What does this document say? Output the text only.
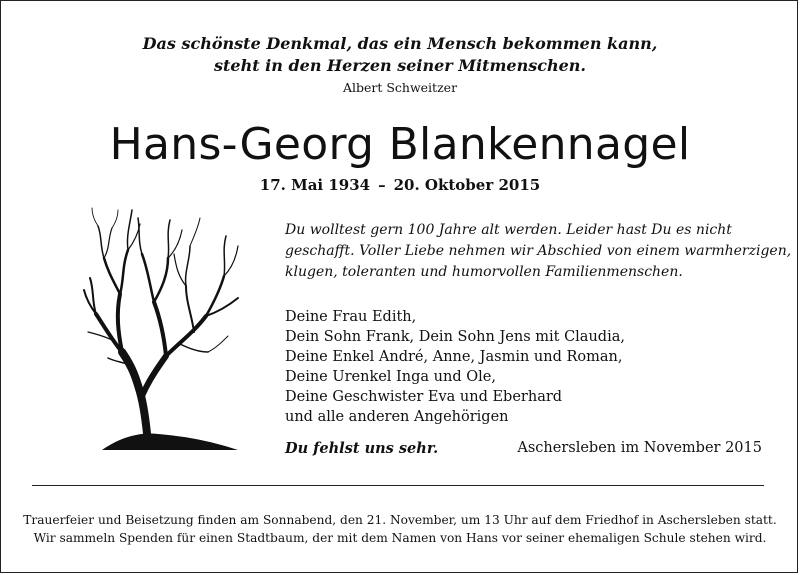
Das schönste Denkmal, das ein Mensch bekommen kann,
steht in den Herzen seiner Mitmenschen.
Albert Schweitzer
Hans-Georg Blankennagel
17. Mai 1934 – 20. Oktober 2015
Du wolltest gern 100 Jahre alt werden. Leider hast Du es nicht
geschafft. Voller Liebe nehmen wir Abschied von einem warmherzigen,
klugen, toleranten und humorvollen Familienmenschen.
Deine Frau Edith,
Dein Sohn Frank, Dein Sohn Jens mit Claudia,
Deine Enkel André, Anne, Jasmin und Roman,
Deine Urenkel Inga und Ole,
Deine Geschwister Eva und Eberhard
und alle anderen Angehörigen
Du fehlst uns sehr.	Aschersleben im November 2015
Trauerfeier und Beisetzung finden am Sonnabend, den 21. November, um 13 Uhr auf dem Friedhof in Aschersleben statt.
Wir sammeln Spenden für einen Stadtbaum, der mit dem Namen von Hans vor seiner ehemaligen Schule stehen wird.
